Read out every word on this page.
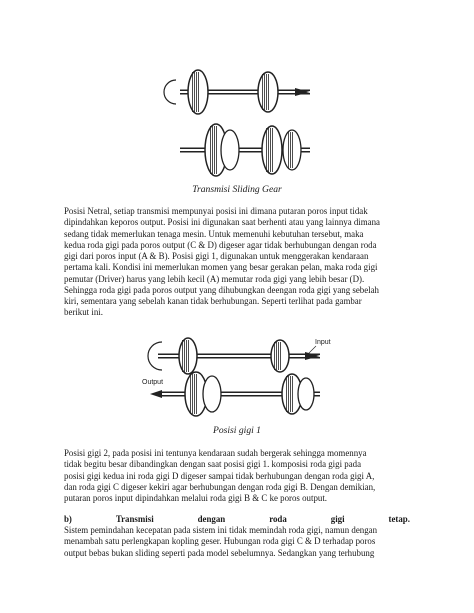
Transmisi Sliding Gear
Posisi Netral, setiap transmisi mempunyai posisi ini dimana putaran poros input tidak
dipindahkan keporos output. Posisi ini digunakan saat berhenti atau yang lainnya dimana
sedang tidak memerlukan tenaga mesin. Untuk memenuhi kebutuhan tersebut, maka
kedua roda gigi pada poros output (C & D) digeser agar tidak berhubungan dengan roda
gigi dari poros input (A & B). Posisi gigi 1, digunakan untuk menggerakan kendaraan
pertama kali. Kondisi ini memerlukan momen yang besar gerakan pelan, maka roda gigi
pemutar (Driver) harus yang lebih kecil (A) memutar roda gigi yang lebih besar (D).
Sehingga roda gigi pada poros output yang dihubungkan deengan roda gigi yang sebelah
kiri, sementara yang sebelah kanan tidak berhubungan. Seperti terlihat pada gambar
berikut ini.
Input
Output
Posisi gigi 1
Posisi gigi 2, pada posisi ini tentunya kendaraan sudah bergerak sehingga momennya
tidak begitu besar dibandingkan dengan saat posisi gigi 1. komposisi roda gigi pada
posisi gigi kedua ini roda gigi D digeser sampai tidak berhubungan dengan roda gigi A,
dan roda gigi C digeser kekiri agar berhubungan dengan roda gigi B. Dengan demikian,
putaran poros input dipindahkan melalui roda gigi B & C ke poros output.
b)	Transmisi	dengan	roda	gigi	tetap.
Sistem pemindahan kecepatan pada sistem ini tidak memindah roda gigi, namun dengan
menambah satu perlengkapan kopling geser. Hubungan roda gigi C & D terhadap poros
output bebas bukan sliding seperti pada model sebelumnya. Sedangkan yang terhubung
